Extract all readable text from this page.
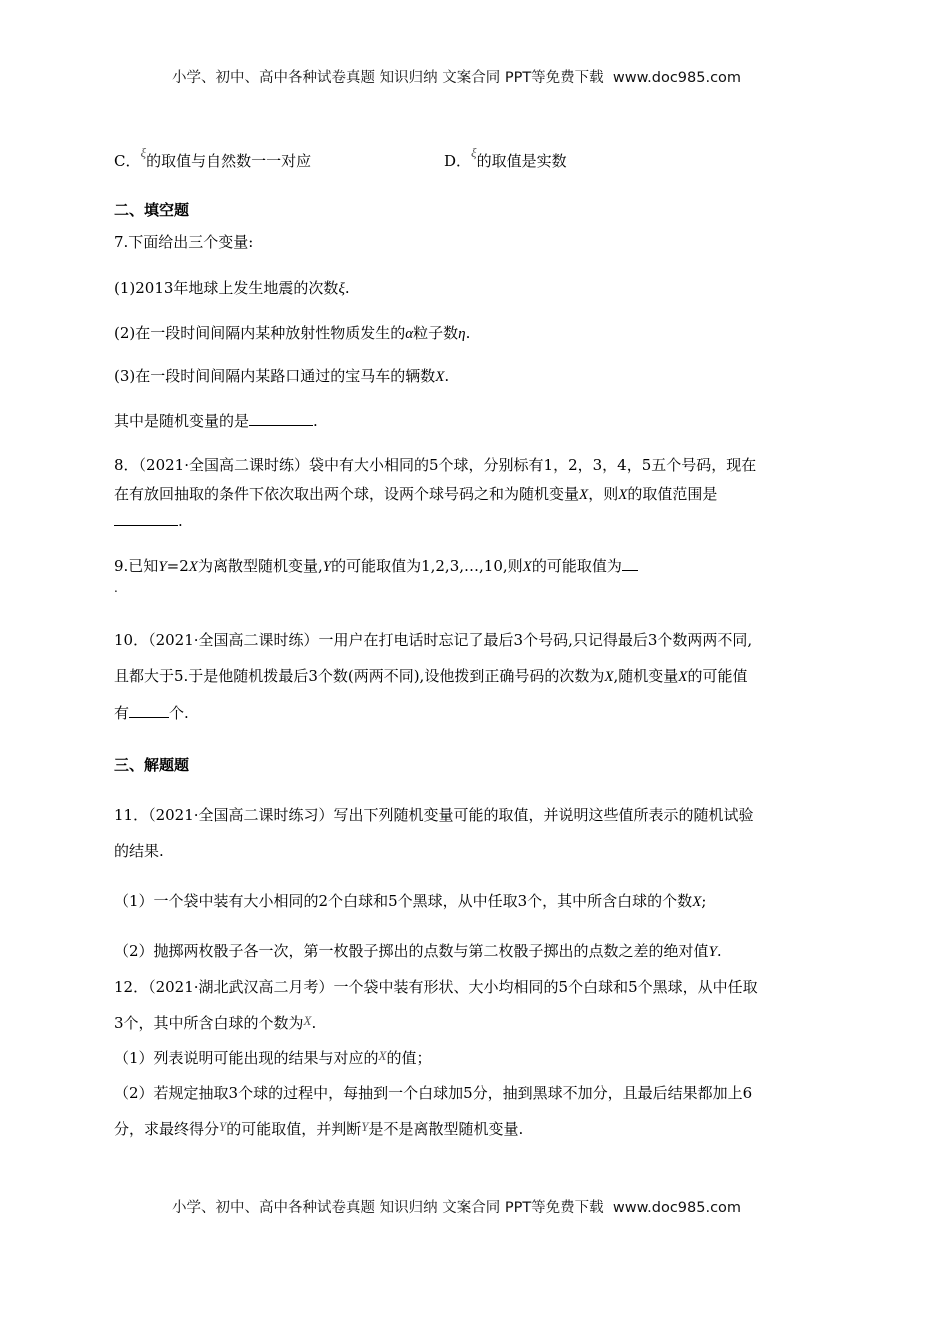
小学、初中、高中各种试卷真题 知识归纳 文案合同 PPT等免费下载 www.doc985.com
C．ξ的取值与自然数一一对应	D．ξ的取值是实数
二、填空题
7.下面给出三个变量:
(1)2013年地球上发生地震的次数ξ.
(2)在一段时间间隔内某种放射性物质发生的α粒子数η.
(3)在一段时间间隔内某路口通过的宝马车的辆数X.
其中是随机变量的是	.
8．（2021·全国高二课时练）袋中有大小相同的5个球，分别标有1，2，3，4，5五个号码，现在
在有放回抽取的条件下依次取出两个球，设两个球号码之和为随机变量X，则X的取值范围是
.
9.已知Y=2X为离散型随机变量,Y的可能取值为1,2,3,…,10,则X的可能取值为
.
10．（2021·全国高二课时练）一用户在打电话时忘记了最后3个号码,只记得最后3个数两两不同,
且都大于5.于是他随机拨最后3个数(两两不同),设他拨到正确号码的次数为X,随机变量X的可能值
有	个.
三、解题题
11．（2021·全国高二课时练习）写出下列随机变量可能的取值，并说明这些值所表示的随机试验
的结果.
（1）一个袋中装有大小相同的2个白球和5个黑球，从中任取3个，其中所含白球的个数X;
（2）抛掷两枚骰子各一次，第一枚骰子掷出的点数与第二枚骰子掷出的点数之差的绝对值Y.
12．（2021·湖北武汉高二月考）一个袋中装有形状、大小均相同的5个白球和5个黑球，从中任取
3个，其中所含白球的个数为X.
（1）列表说明可能出现的结果与对应的X的值；
（2）若规定抽取3个球的过程中，每抽到一个白球加5分，抽到黑球不加分，且最后结果都加上6
分，求最终得分Y的可能取值，并判断Y是不是离散型随机变量.
小学、初中、高中各种试卷真题 知识归纳 文案合同 PPT等免费下载 www.doc985.com
